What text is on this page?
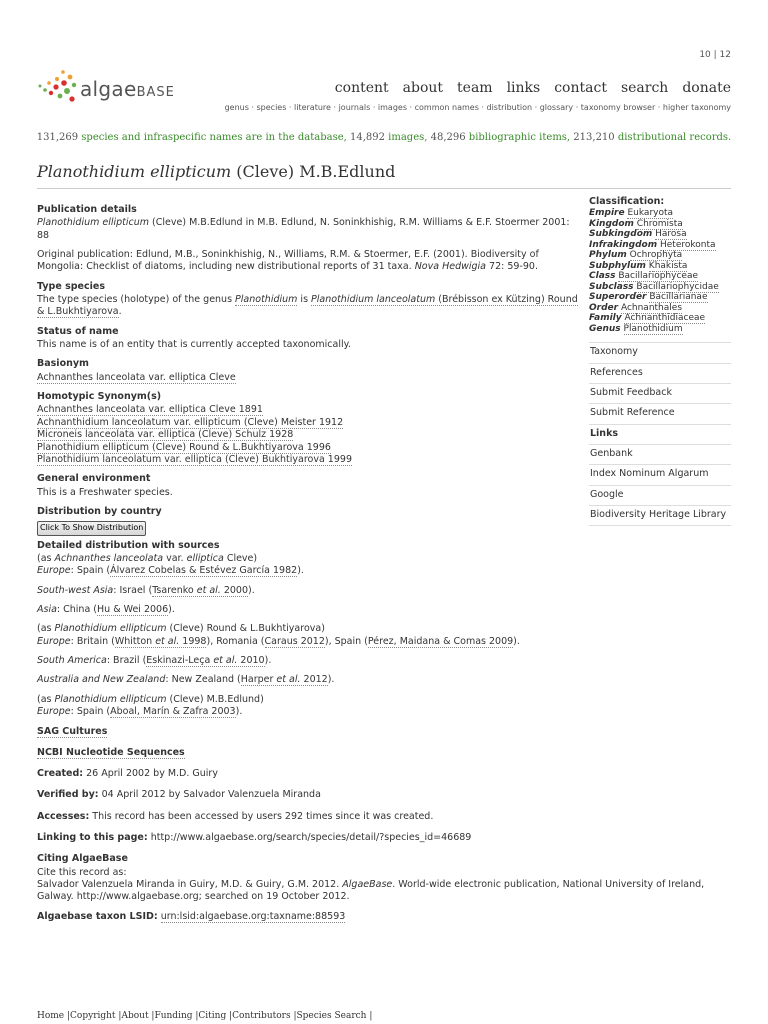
10 | 12
algaeBASE	content about team links contact search donate
genus · species · literature · journals · images · common names · distribution · glossary · taxonomy browser · higher taxonomy
131,269 species and infraspecific names are in the database, 14,892 images, 48,296 bibliographic items, 213,210 distributional records.
Planothidium ellipticum (Cleve) M.B.Edlund
Publication details
Planothidium ellipticum (Cleve) M.B.Edlund in M.B. Edlund, N. Soninkhishig, R.M. Williams & E.F. Stoermer 2001: 88
Original publication: Edlund, M.B., Soninkhishig, N., Williams, R.M. & Stoermer, E.F. (2001). Biodiversity of Mongolia: Checklist of diatoms, including new distributional reports of 31 taxa. Nova Hedwigia 72: 59-90.
Type species
The type species (holotype) of the genus Planothidium is Planothidium lanceolatum (Brébisson ex Kützing) Round & L.Bukhtiyarova.
Status of name
This name is of an entity that is currently accepted taxonomically.
Basionym
Achnanthes lanceolata var. elliptica Cleve
Homotypic Synonym(s)
Achnanthes lanceolata var. elliptica Cleve 1891
Achnanthidium lanceolatum var. ellipticum (Cleve) Meister 1912
Microneis lanceolata var. elliptica (Cleve) Schulz 1928
Planothidium ellipticum (Cleve) Round & L.Bukhtiyarova 1996
Planothidium lanceolatum var. elliptica (Cleve) Bukhtiyarova 1999
General environment
This is a Freshwater species.
Distribution by country
Click To Show Distribution
Detailed distribution with sources
(as Achnanthes lanceolata var. elliptica Cleve)
Europe: Spain (Álvarez Cobelas & Estévez García 1982).
South-west Asia: Israel (Tsarenko et al. 2000).
Asia: China (Hu & Wei 2006).
(as Planothidium ellipticum (Cleve) Round & L.Bukhtiyarova)
Europe: Britain (Whitton et al. 1998), Romania (Caraus 2012), Spain (Pérez, Maidana & Comas 2009).
South America: Brazil (Eskinazi-Leça et al. 2010).
Australia and New Zealand: New Zealand (Harper et al. 2012).
(as Planothidium ellipticum (Cleve) M.B.Edlund)
Europe: Spain (Aboal, Marín & Zafra 2003).
SAG Cultures
NCBI Nucleotide Sequences
Created: 26 April 2002 by M.D. Guiry
Verified by: 04 April 2012 by Salvador Valenzuela Miranda
Accesses: This record has been accessed by users 292 times since it was created.
Linking to this page: http://www.algaebase.org/search/species/detail/?species_id=46689
Citing AlgaeBase
Cite this record as:
Salvador Valenzuela Miranda in Guiry, M.D. & Guiry, G.M. 2012. AlgaeBase. World-wide electronic publication, National University of Ireland, Galway. http://www.algaebase.org; searched on 19 October 2012.
Algaebase taxon LSID: urn:lsid:algaebase.org:taxname:88593
Classification:
Empire Eukaryota
Kingdom Chromista
Subkingdom Harosa
Infrakingdom Heterokonta
Phylum Ochrophyta
Subphylum Khakista
Class Bacillariophyceae
Subclass Bacillariophycidae
Superorder Bacillarianae
Order Achnanthales
Family Achnanthidiaceae
Genus Planothidium
Taxonomy
References
Submit Feedback
Submit Reference
Links
Genbank
Index Nominum Algarum
Google
Biodiversity Heritage Library
Home |Copyright |About |Funding |Citing |Contributors |Species Search |
